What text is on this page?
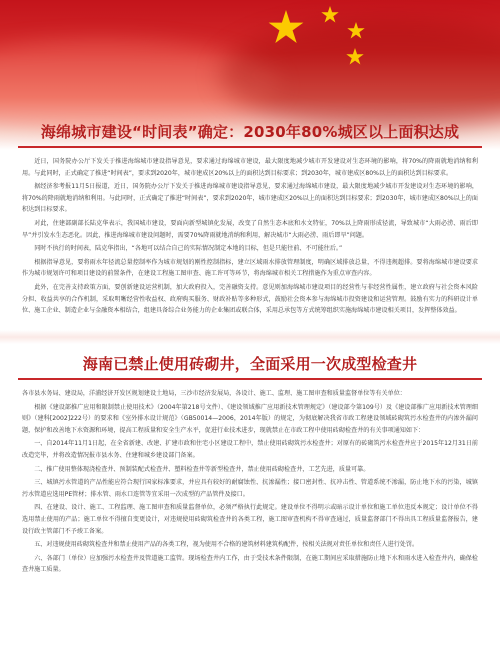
海绵城市建设“时间表”确定：2030年80%城区以上面积达成

近日，国务院办公厅下发关于推进海绵城市建设指导意见，要求通过海绵城市建设，最大限度地减少城市开发建设对生态环境的影响，将70%的降雨就地消纳和利用。与此同时，正式确定了推进“时间表”，要求到2020年，城市建成区20%以上的面积达到目标要求；到2030年，城市建成区80%以上的面积达到目标要求。

据经济参考报11月5日报道，近日，国务院办公厅下发关于推进海绵城市建设指导意见，要求通过海绵城市建设，最大限度地减少城市开发建设对生态环境的影响，将70%的降雨就地消纳和利用。与此同时，正式确定了推进“时间表”，要求到2020年，城市建成区20%以上的面积达到目标要求；到2030年，城市建成区80%以上的面积达到目标要求。

对此，住建部副部长陆克华表示，我国城市建设，要面向新型城镇化发展，改变了自然生态本底和水文特征，70%以上降雨形成径流，导致城市“大雨必涝、雨后即旱”并引发水生态恶化。因此，推进海绵城市建设问题时，需要70%降雨就地消纳和利用，解决城市“大雨必涝、雨后即旱”问题。

同时不执行的时间表，陆克华指出，“各地可以结合自己的实际情况制定本地的目标，但是只能往前、不可能往后。”

根据指导意见，要将雨水年径流总量控制率作为城市规划的刚性控制指标，建立区域雨水排放管理制度，明确区域排放总量，不得违规超排。要将海绵城市建设要求作为城市规划许可和项目建设的前置条件，在建设工程施工图审查、施工许可等环节，将海绵城市相关工程措施作为重点审查内容。

此外，在完善支持政策方面，要创新建设运营机制，加大政府投入，完善融资支持。意见则加海绵城市建设项目的经营性与非经营性属性，建立政府与社会资本风险分担、收益共享的合作机制，采取明晰经营性收益权、政府购买服务、财政补贴等多种形式，鼓励社会资本参与海绵城市投资建设和运营管理。鼓励有实力的科研设计单位、施工企业、制造企业与金融资本相结合，组建具备综合业务能力的企业集团或联合体，采用总承包等方式统筹组织实施海绵城市建设相关项目，发挥整体效益。

海南已禁止使用砖砌井，全面采用一次成型检查井

各市县水务局、建设局，洋浦经济开发区规划建设土地局，三沙市经济发展局，各设计、施工、监理、施工图审查和质量监督单位等有关单位：

根据《建设部推广应用和限制禁止使用技术》（2004年第218号文件）、《建设领域推广应用新技术管理规定》（建设部令第109号）及《建设部推广应用新技术管理细则》（建科[2002]222号）的要求和《室外排水设计规范》（GB50014—2006，2014年版）的规定，为彻底解决我省市政工程建设领域砖砌筑污水检查井的内渗外漏问题，保护和改善地下水资源和环境，提高工程质量和安全生产水平，促进行业技术进步，现就禁止在市政工程中使用砖砌检查井的有关事项通知如下：

一、自2014年11月1日起，在全省新建、改建、扩建市政和住宅小区建设工程中，禁止使用砖砌筑污水检查井；对原有的砖砌筑污水检查井应于2015年12月31日前改造完毕，并将改造情况报市县水务、住建和城乡建设部门备案。

二、推广使用整体现浇检查井、预制装配式检查井、塑料检查井等新型检查井，禁止使用砖砌检查井，工艺先进，质量可靠。

三、城镇污水管道的产品性能应符合现行国家标准要求，并应具有较好的耐腐蚀性、抗渗漏性；接口密封性、抗冲击性、管道系统不渗漏，防止地下水的污染，城镇污水管道应选用PE管材；排水管、雨水口连管等宜采用一次成型的产品管件及接口。

四、在建设、设计、施工、工程监理、施工图审查和质量监督单位，必须严格执行此规定。建设单位不得明示或暗示设计单位和施工单位违反本规定；设计单位不得选用禁止使用的产品；施工单位不得擅自变更设计，对违规使用砖砌筑检查井的各类工程，施工图审查机构不得审查通过，质量监督部门不得出具工程质量监督报告，建设行政主管部门不予竣工备案。

五、对违规使用砖砌筑检查井和禁止使用产品的各类工程，视为使用不合格的建筑材料建筑构配件，按相关法规对责任单位和责任人进行处罚。

六、各部门（单位）应加强污水检查井及管道施工监管。现场检查井内工作，由于受技术条件限制，在施工期间应采取措施防止地下水和雨水进入检查井内，确保检查井施工质量。
